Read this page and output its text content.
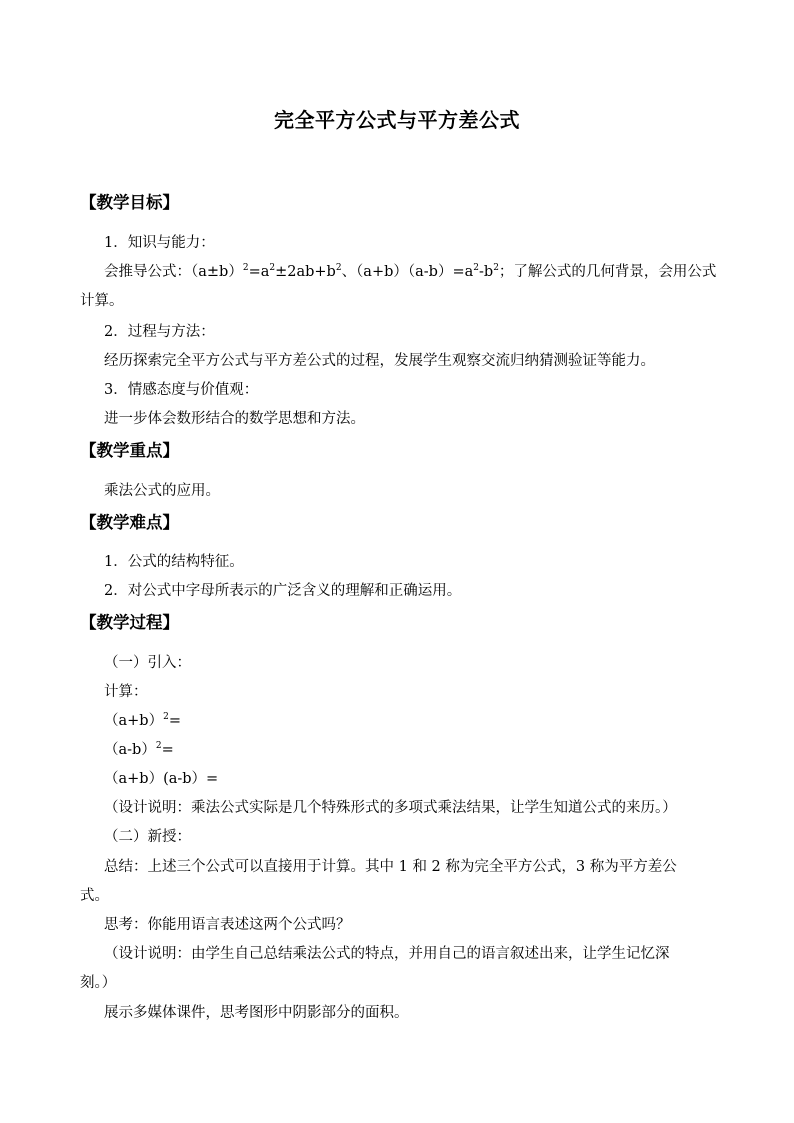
完全平方公式与平方差公式
【教学目标】
1．知识与能力：
会推导公式：$(a\pm b)^2=a^2\pm 2ab+b^2$、$(a+b)(a-b)=a^2-b^2$；了解公式的几何背景，会用公式
计算。
2．过程与方法：
经历探索完全平方公式与平方差公式的过程，发展学生观察交流归纳猜测验证等能力。
3．情感态度与价值观：
进一步体会数形结合的数学思想和方法。
【教学重点】
乘法公式的应用。
【教学难点】
1．公式的结构特征。
2．对公式中字母所表示的广泛含义的理解和正确运用。
【教学过程】
（一）引入：
计算：
$(a+b)^2=$
$(a-b)^2=$
（a+b）(a-b）=
（设计说明：乘法公式实际是几个特殊形式的多项式乘法结果，让学生知道公式的来历。）
（二）新授：
总结：上述三个公式可以直接用于计算。其中 1 和 2 称为完全平方公式，3 称为平方差公
式。
思考：你能用语言表述这两个公式吗？
（设计说明：由学生自己总结乘法公式的特点，并用自己的语言叙述出来，让学生记忆深
刻。）
展示多媒体课件，思考图形中阴影部分的面积。
